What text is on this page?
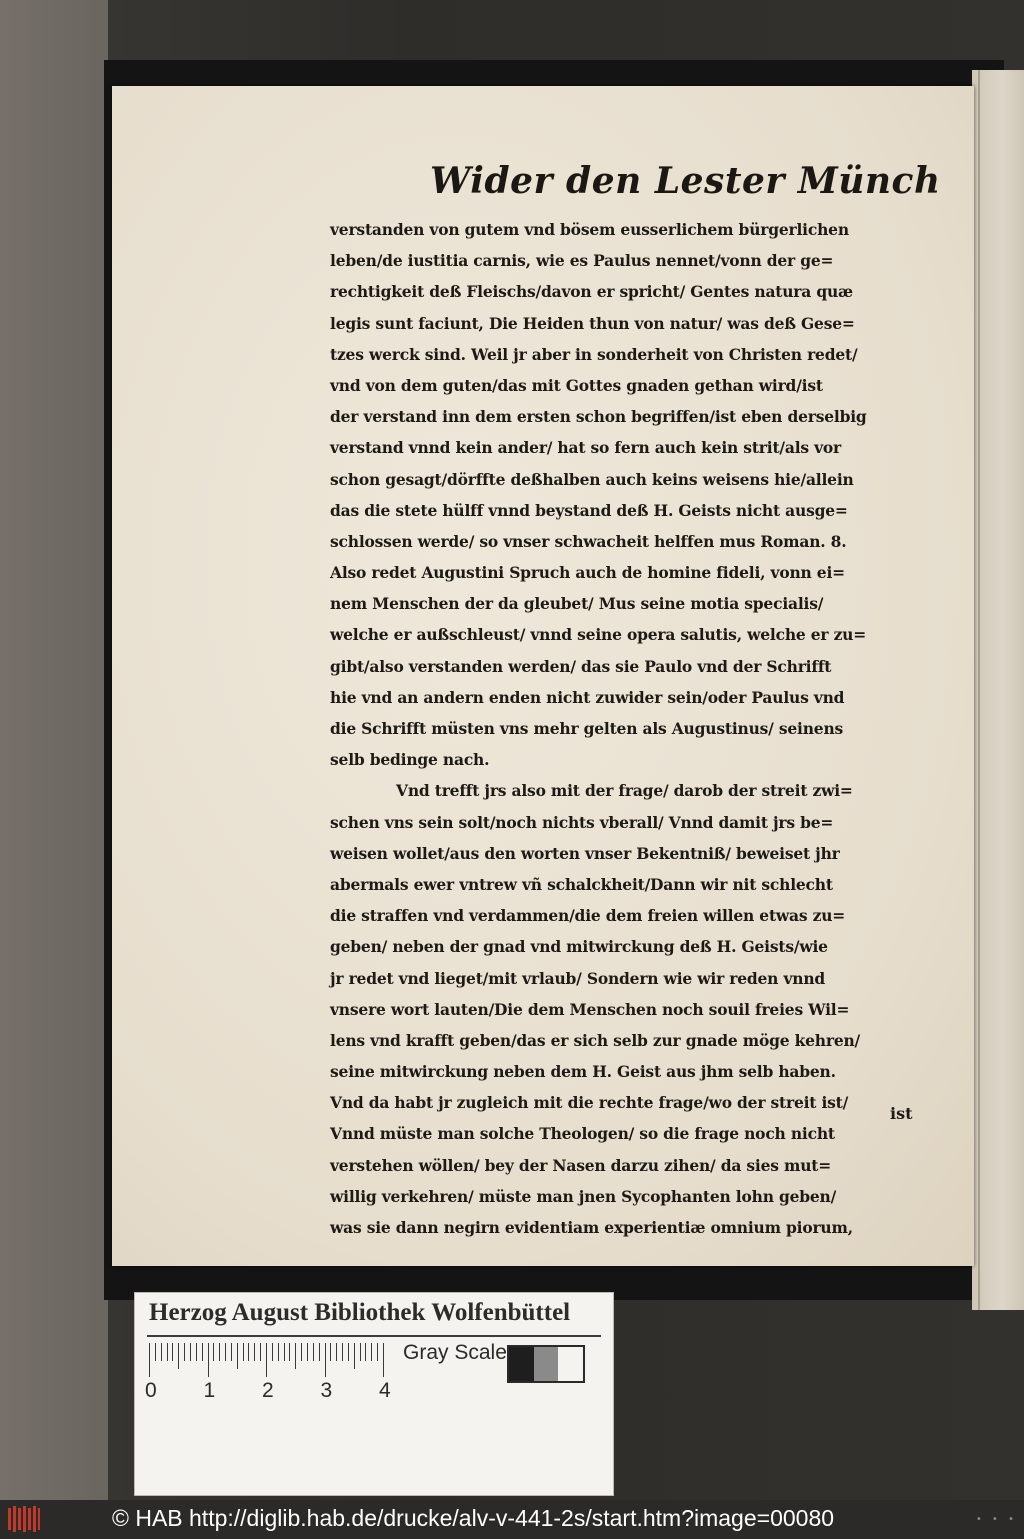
Wider den Lester Münch
verstanden von gutem vnd bösem eusserlichem bürgerlichen
leben/de iustitia carnis, wie es Paulus nennet/vonn der ge=
rechtigkeit deß Fleischs/davon er spricht/ Gentes natura quæ
legis sunt faciunt, Die Heiden thun von natur/ was deß Gese=
tzes werck sind. Weil jr aber in sonderheit von Christen redet/
vnd von dem guten/das mit Gottes gnaden gethan wird/ist
der verstand inn dem ersten schon begriffen/ist eben derselbig
verstand vnnd kein ander/ hat so fern auch kein strit/als vor
schon gesagt/dörffte deßhalben auch keins weisens hie/allein
das die stete hülff vnnd beystand deß H. Geists nicht ausge=
schlossen werde/ so vnser schwacheit helffen mus Roman. 8.
Also redet Augustini Spruch auch de homine fideli, vonn ei=
nem Menschen der da gleubet/ Mus seine motia specialis/
welche er außschleust/ vnnd seine opera salutis, welche er zu=
gibt/also verstanden werden/ das sie Paulo vnd der Schrifft
hie vnd an andern enden nicht zuwider sein/oder Paulus vnd
die Schrifft müsten vns mehr gelten als Augustinus/ seinens
selb bedinge nach.
Vnd trefft jrs also mit der frage/ darob der streit zwi=
schen vns sein solt/noch nichts vberall/ Vnnd damit jrs be=
weisen wollet/aus den worten vnser Bekentniß/ beweiset jhr
abermals ewer vntrew vñ schalckheit/Dann wir nit schlecht
die straffen vnd verdammen/die dem freien willen etwas zu=
geben/ neben der gnad vnd mitwirckung deß H. Geists/wie
jr redet vnd lieget/mit vrlaub/ Sondern wie wir reden vnnd
vnsere wort lauten/Die dem Menschen noch souil freies Wil=
lens vnd krafft geben/das er sich selb zur gnade möge kehren/
seine mitwirckung neben dem H. Geist aus jhm selb haben.
Vnd da habt jr zugleich mit die rechte frage/wo der streit ist/
Vnnd müste man solche Theologen/ so die frage noch nicht
verstehen wöllen/ bey der Nasen darzu zihen/ da sies mut=
willig verkehren/ müste man jnen Sycophanten lohn geben/
was sie dann negirn evidentiam experientiæ omnium piorum,
ist
Herzog August Bibliothek Wolfenbüttel
0 1 2 3 4
Gray Scale
© HAB http://diglib.hab.de/drucke/alv-v-441-2s/start.htm?image=00080	• • •
